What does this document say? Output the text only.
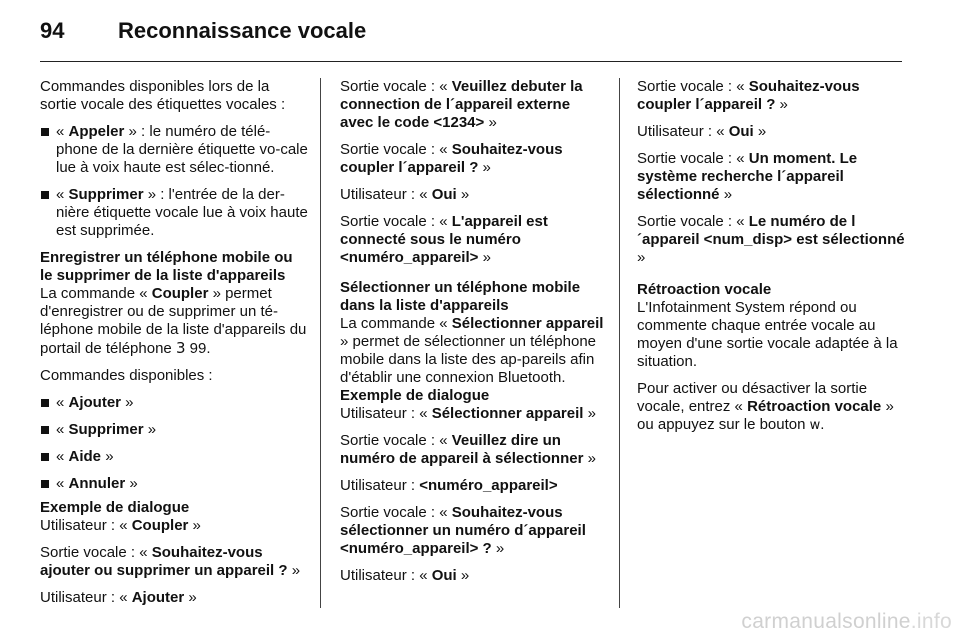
94 Reconnaissance vocale

Commandes disponibles lors de la sortie vocale des étiquettes vocales :

« Appeler » : le numéro de télé-phone de la dernière étiquette vo-cale lue à voix haute est sélec-tionné.
« Supprimer » : l'entrée de la der-nière étiquette vocale lue à voix haute est supprimée.

Enregistrer un téléphone mobile ou le supprimer de la liste d'appareils

La commande « Coupler » permet d'enregistrer ou de supprimer un té-léphone mobile de la liste d'appareils du portail de téléphone 3 99.

Commandes disponibles :

« Ajouter »
« Supprimer »
« Aide »
« Annuler »

Exemple de dialogue

Utilisateur : « Coupler »

Sortie vocale : « Souhaitez-vous ajouter ou supprimer un appareil ? »

Utilisateur : « Ajouter »

Sortie vocale : « Veuillez debuter la connection de l´appareil externe avec le code <1234> »

Sortie vocale : « Souhaitez-vous coupler l´appareil ? »

Utilisateur : « Oui »

Sortie vocale : « L'appareil est connecté sous le numéro <numéro_appareil> »

Sélectionner un téléphone mobile dans la liste d'appareils

La commande « Sélectionner appareil » permet de sélectionner un téléphone mobile dans la liste des ap-pareils afin d'établir une connexion Bluetooth.

Exemple de dialogue

Utilisateur : « Sélectionner appareil »

Sortie vocale : « Veuillez dire un numéro de appareil à sélectionner »

Utilisateur : <numéro_appareil>

Sortie vocale : « Souhaitez-vous sélectionner un numéro d´appareil <numéro_appareil> ? »

Utilisateur : « Oui »

Sortie vocale : « Souhaitez-vous coupler l´appareil ? »

Utilisateur : « Oui »

Sortie vocale : « Un moment. Le système recherche l´appareil sélectionné »

Sortie vocale : « Le numéro de l´appareil <num_disp> est sélectionné »

Rétroaction vocale

L'Infotainment System répond ou commente chaque entrée vocale au moyen d'une sortie vocale adaptée à la situation.

Pour activer ou désactiver la sortie vocale, entrez « Rétroaction vocale » ou appuyez sur le bouton w.

carmanualsonline.info
